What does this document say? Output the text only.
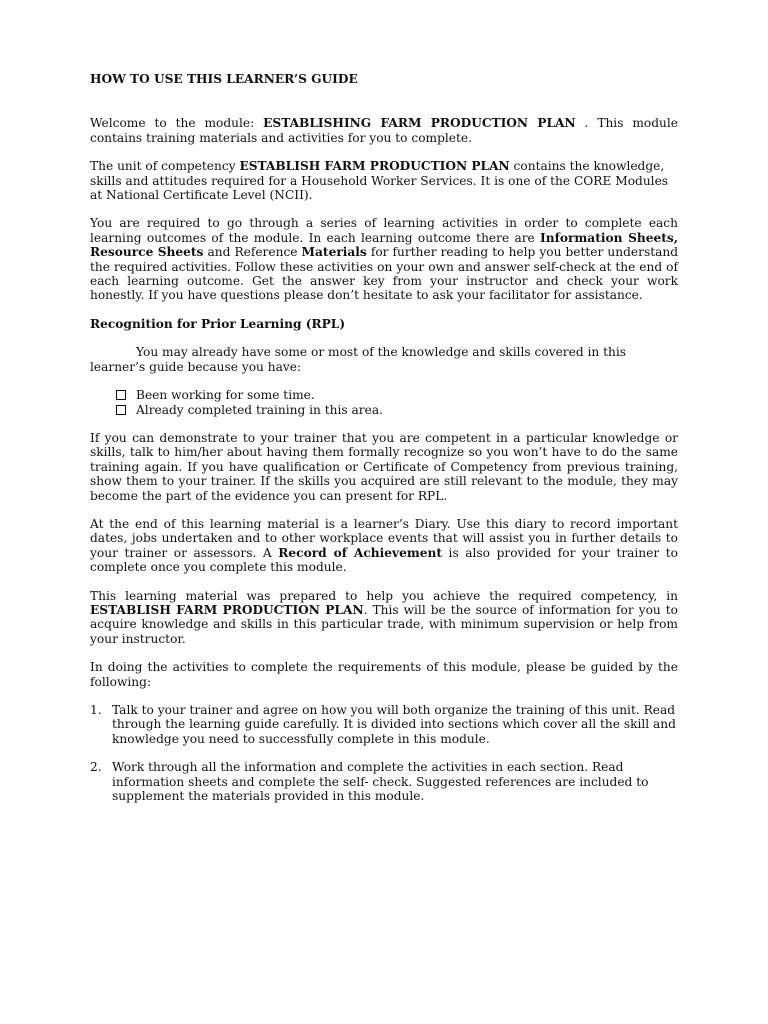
HOW TO USE THIS LEARNER’S GUIDE

Welcome to the module: ESTABLISHING FARM PRODUCTION PLAN . This module contains training materials and activities for you to complete.

The unit of competency ESTABLISH FARM PRODUCTION PLAN contains the knowledge, skills and attitudes required for a Household Worker Services. It is one of the CORE Modules at National Certificate Level (NCII).

You are required to go through a series of learning activities in order to complete each learning outcomes of the module. In each learning outcome there are Information Sheets, Resource Sheets and Reference Materials for further reading to help you better understand the required activities. Follow these activities on your own and answer self-check at the end of each learning outcome. Get the answer key from your instructor and check your work honestly. If you have questions please don’t hesitate to ask your facilitator for assistance.

Recognition for Prior Learning (RPL)

You may already have some or most of the knowledge and skills covered in this learner’s guide because you have:

Been working for some time.
Already completed training in this area.

If you can demonstrate to your trainer that you are competent in a particular knowledge or skills, talk to him/her about having them formally recognize so you won’t have to do the same training again. If you have qualification or Certificate of Competency from previous training, show them to your trainer. If the skills you acquired are still relevant to the module, they may become the part of the evidence you can present for RPL.

At the end of this learning material is a learner’s Diary. Use this diary to record important dates, jobs undertaken and to other workplace events that will assist you in further details to your trainer or assessors. A Record of Achievement is also provided for your trainer to complete once you complete this module.

This learning material was prepared to help you achieve the required competency, in ESTABLISH FARM PRODUCTION PLAN. This will be the source of information for you to acquire knowledge and skills in this particular trade, with minimum supervision or help from your instructor.

In doing the activities to complete the requirements of this module, please be guided by the following:

1. Talk to your trainer and agree on how you will both organize the training of this unit. Read through the learning guide carefully. It is divided into sections which cover all the skill and knowledge you need to successfully complete in this module.
2. Work through all the information and complete the activities in each section. Read information sheets and complete the self- check. Suggested references are included to supplement the materials provided in this module.
